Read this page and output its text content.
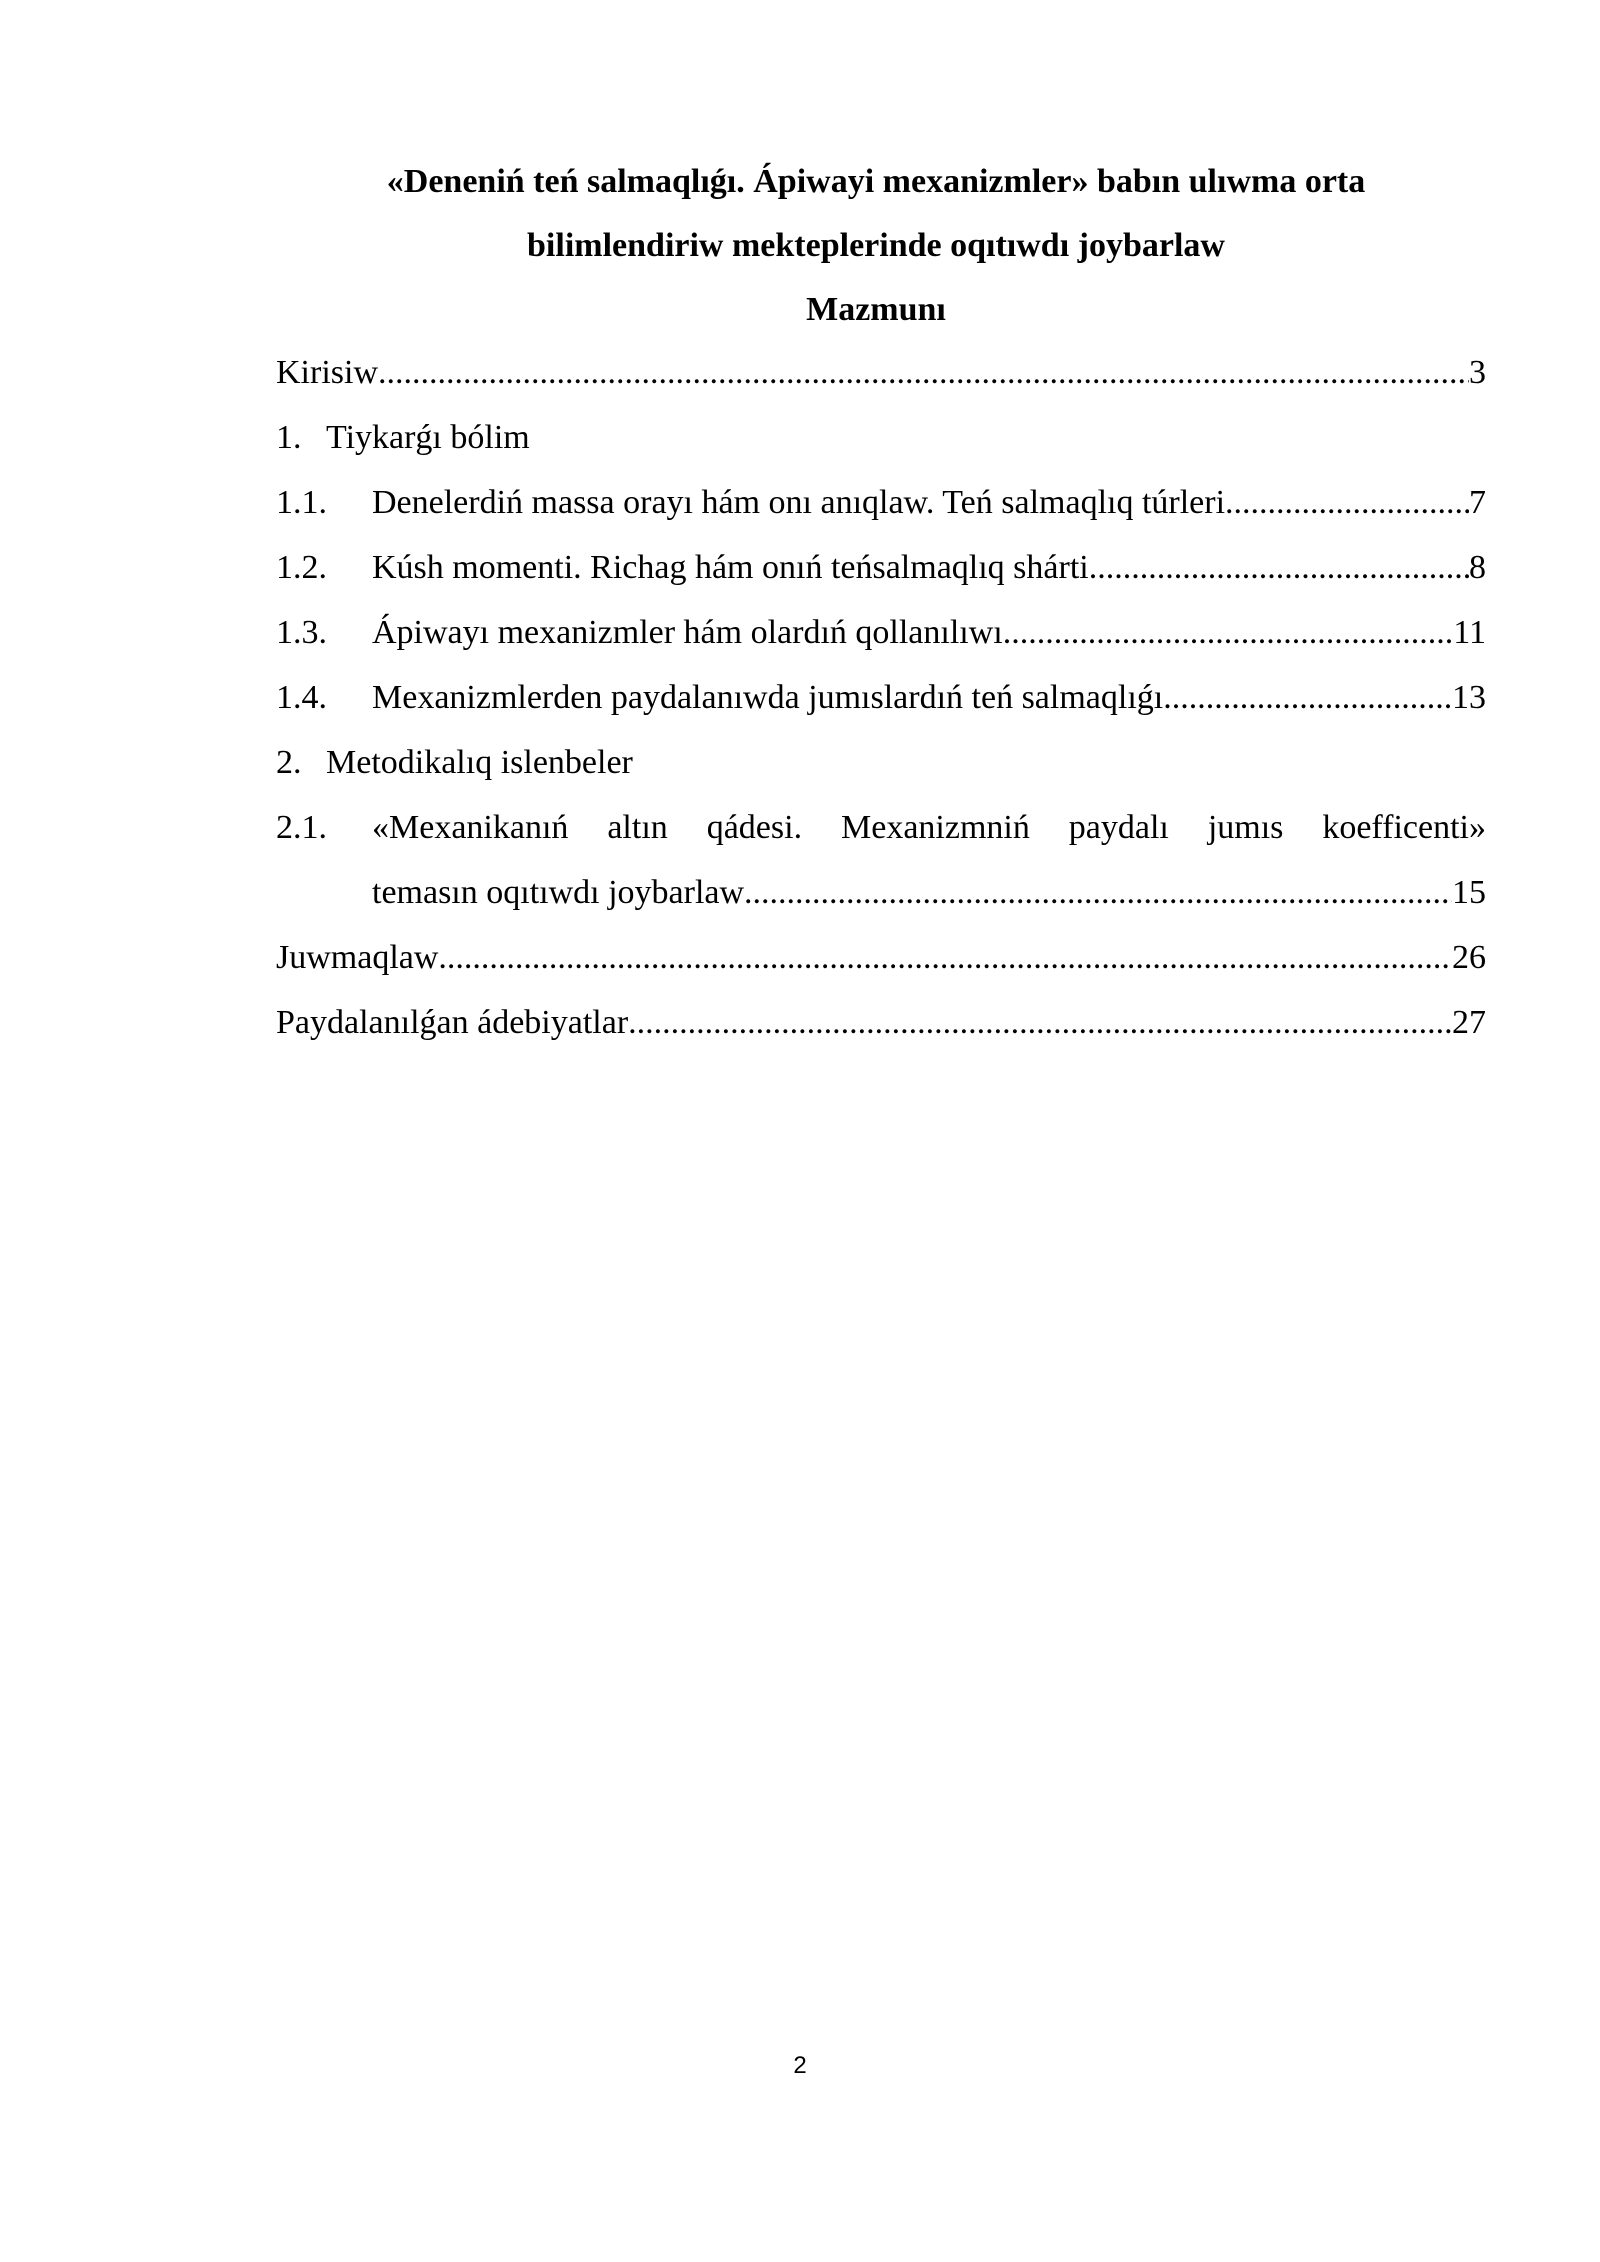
«Deneniń teń salmaqlıǵı. Ápiwayi mexanizmler» babın ulıwma orta
bilimlendiriw mekteplerinde oqıtıwdı joybarlaw
Mazmunı
Kirisiw .....	3
1. Tiykarǵı bólim
1.1.	Denelerdiń massa orayı hám onı anıqlaw. Teń salmaqlıq túrleri .....	7
1.2.	Kúsh momenti. Richag hám onıń teńsalmaqlıq shárti .....	8
1.3.	Ápiwayı mexanizmler hám olardıń qollanılıwı .....	11
1.4.	Mexanizmlerden paydalanıwda jumıslardıń teń salmaqlıǵı .....	13
2. Metodikalıq islenbeler
2.1.	«Mexanikanıń altın qádesi. Mexanizmniń paydalı jumıs koefficenti»
temasın oqıtıwdı joybarlaw .....	15
Juwmaqlaw .....	26
Paydalanılǵan ádebiyatlar .....	27
2
